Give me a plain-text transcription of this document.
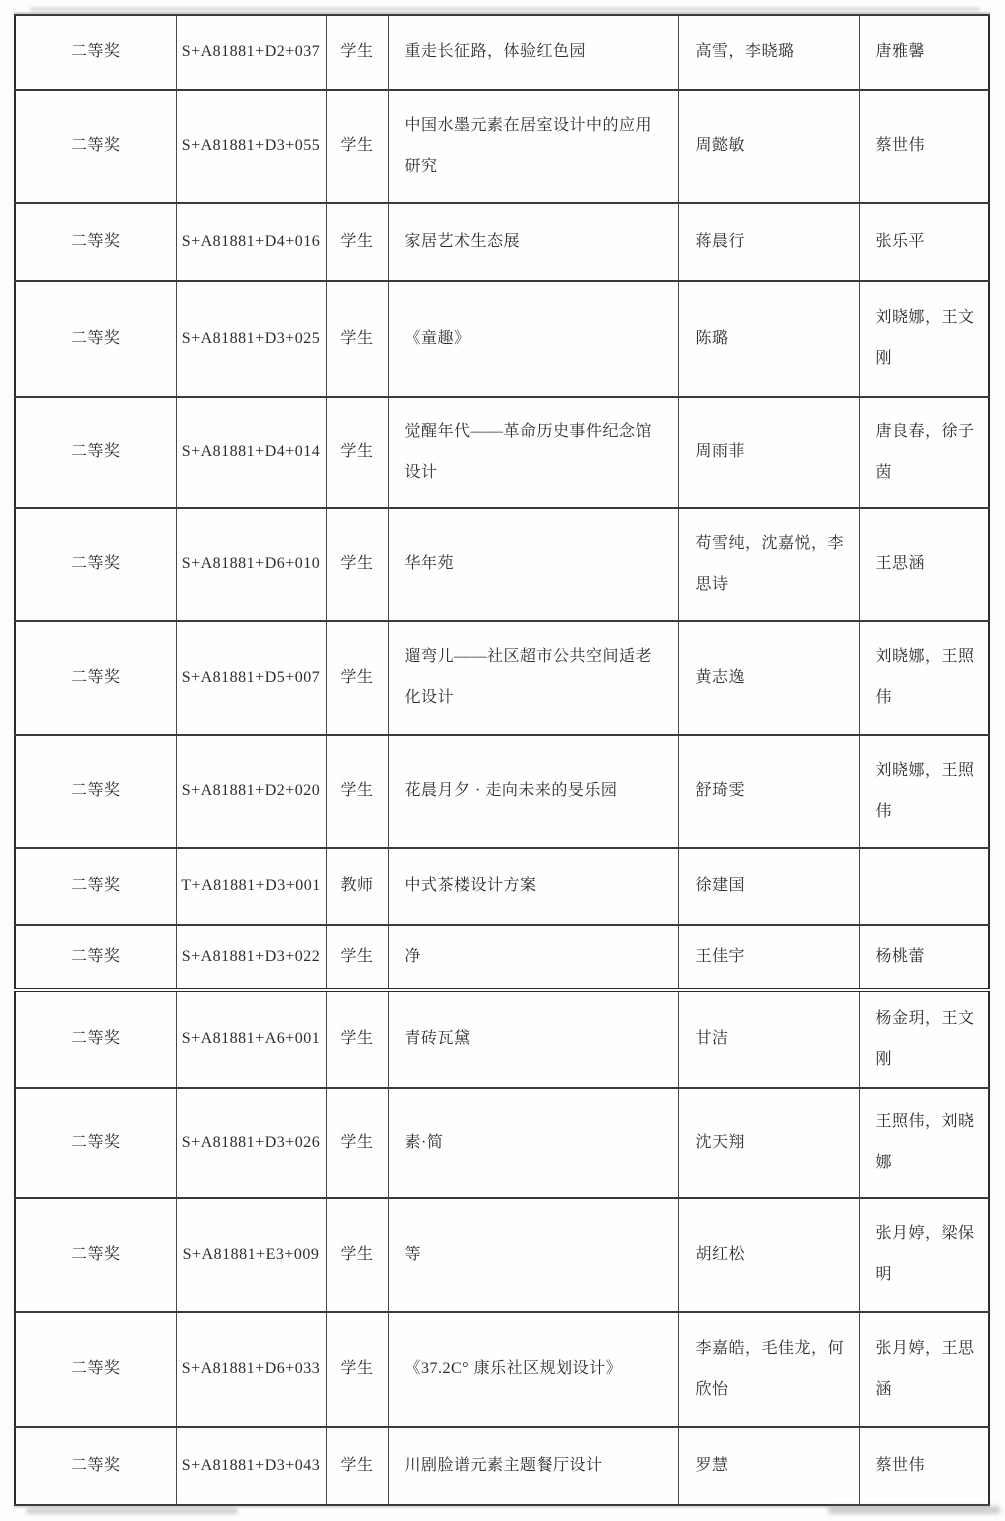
二等奖	S+A81881+D2+037	学生	重走长征路，体验红色园	高雪，李晓璐	唐雅馨
二等奖	S+A81881+D3+055	学生	中国水墨元素在居室设计中的应用研究	周懿敏	蔡世伟
二等奖	S+A81881+D4+016	学生	家居艺术生态展	蒋晨行	张乐平
二等奖	S+A81881+D3+025	学生	《童趣》	陈璐	刘晓娜，王文刚
二等奖	S+A81881+D4+014	学生	觉醒年代——革命历史事件纪念馆设计	周雨菲	唐良春，徐子茵
二等奖	S+A81881+D6+010	学生	华年苑	苟雪纯，沈嘉悦，李思诗	王思涵
二等奖	S+A81881+D5+007	学生	遛弯儿——社区超市公共空间适老化设计	黄志逸	刘晓娜，王照伟
二等奖	S+A81881+D2+020	学生	花晨月夕 · 走向未来的旻乐园	舒琦雯	刘晓娜，王照伟
二等奖	T+A81881+D3+001	教师	中式茶楼设计方案	徐建国	
二等奖	S+A81881+D3+022	学生	净	王佳宇	杨桃蕾
二等奖	S+A81881+A6+001	学生	青砖瓦黛	甘洁	杨金玥，王文刚
二等奖	S+A81881+D3+026	学生	素·简	沈天翔	王照伟，刘晓娜
二等奖	S+A81881+E3+009	学生	等	胡红松	张月婷，梁保明
二等奖	S+A81881+D6+033	学生	《37.2C° 康乐社区规划设计》	李嘉皓，毛佳龙，何欣怡	张月婷，王思涵
二等奖	S+A81881+D3+043	学生	川剧脸谱元素主题餐厅设计	罗慧	蔡世伟
